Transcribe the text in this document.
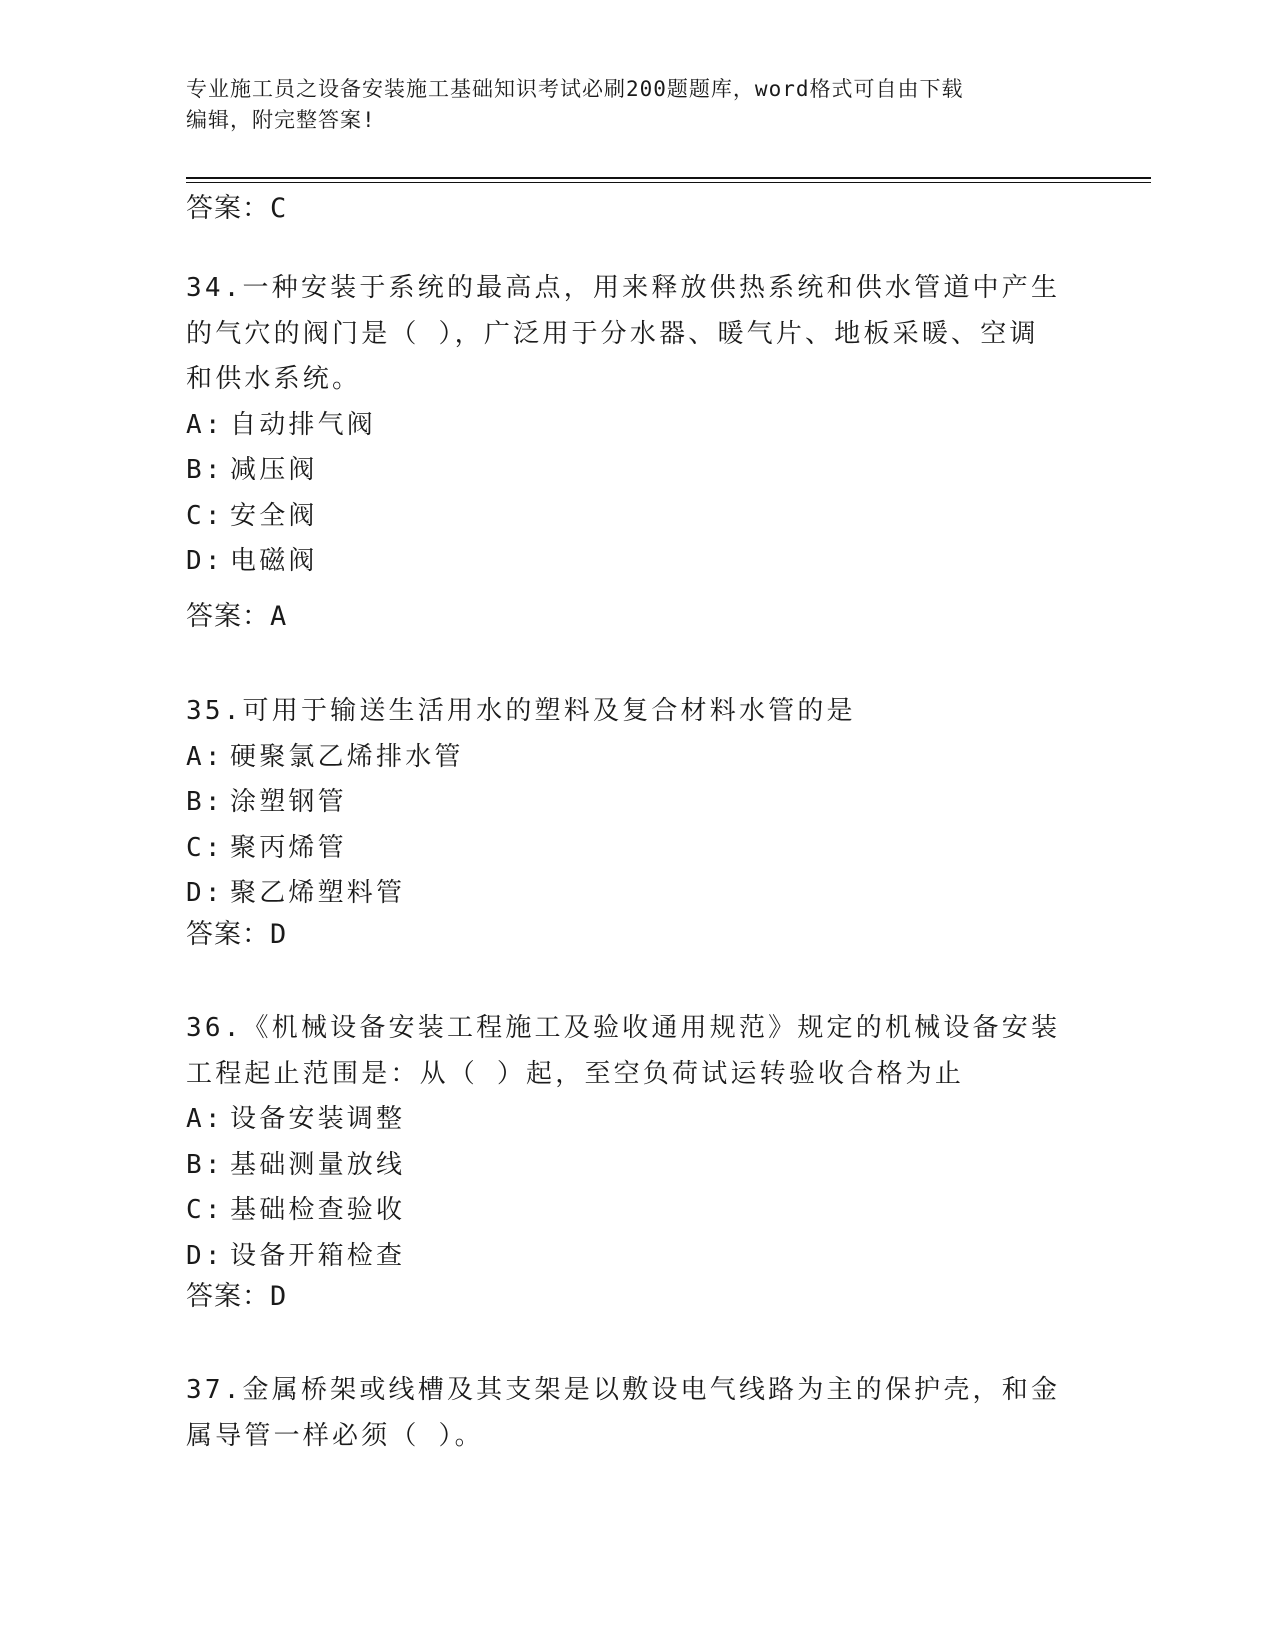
专业施工员之设备安装施工基础知识考试必刷200题题库，word格式可自由下载
编辑，附完整答案!
答案：C
34.一种安装于系统的最高点，用来释放供热系统和供水管道中产生的气穴的阀门是（ ），广泛用于分水器、暖气片、地板采暖、空调和供水系统。
A: 自动排气阀
B: 减压阀
C: 安全阀
D: 电磁阀
答案：A
35.可用于输送生活用水的塑料及复合材料水管的是
A: 硬聚氯乙烯排水管
B: 涂塑钢管
C: 聚丙烯管
D: 聚乙烯塑料管
答案：D
36.《机械设备安装工程施工及验收通用规范》规定的机械设备安装工程起止范围是：从（ ）起，至空负荷试运转验收合格为止
A: 设备安装调整
B: 基础测量放线
C: 基础检查验收
D: 设备开箱检查
答案：D
37.金属桥架或线槽及其支架是以敷设电气线路为主的保护壳，和金属导管一样必须（ ）。
